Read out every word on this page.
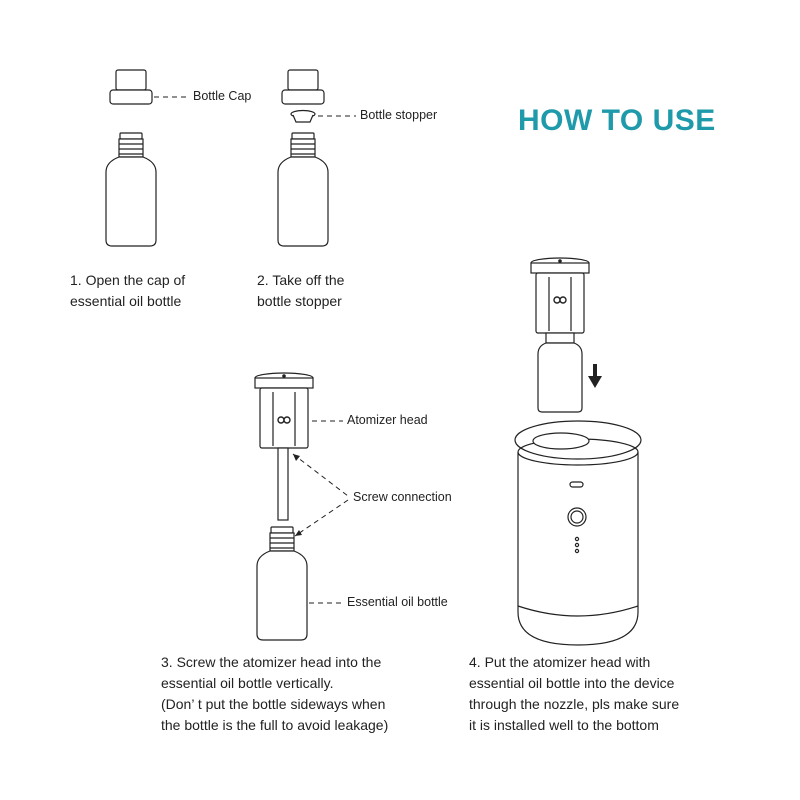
HOW TO USE
Bottle Cap
Bottle stopper
Atomizer head
Screw connection
Essential oil bottle
1. Open the cap of
essential oil bottle
2. Take off the
bottle stopper
3. Screw the atomizer head into the
essential oil bottle vertically.
(Don’ t put the bottle sideways when
the bottle is the full to avoid leakage)
4. Put the atomizer head with
essential oil bottle into the device
through the nozzle, pls make sure
it is installed well to the bottom
